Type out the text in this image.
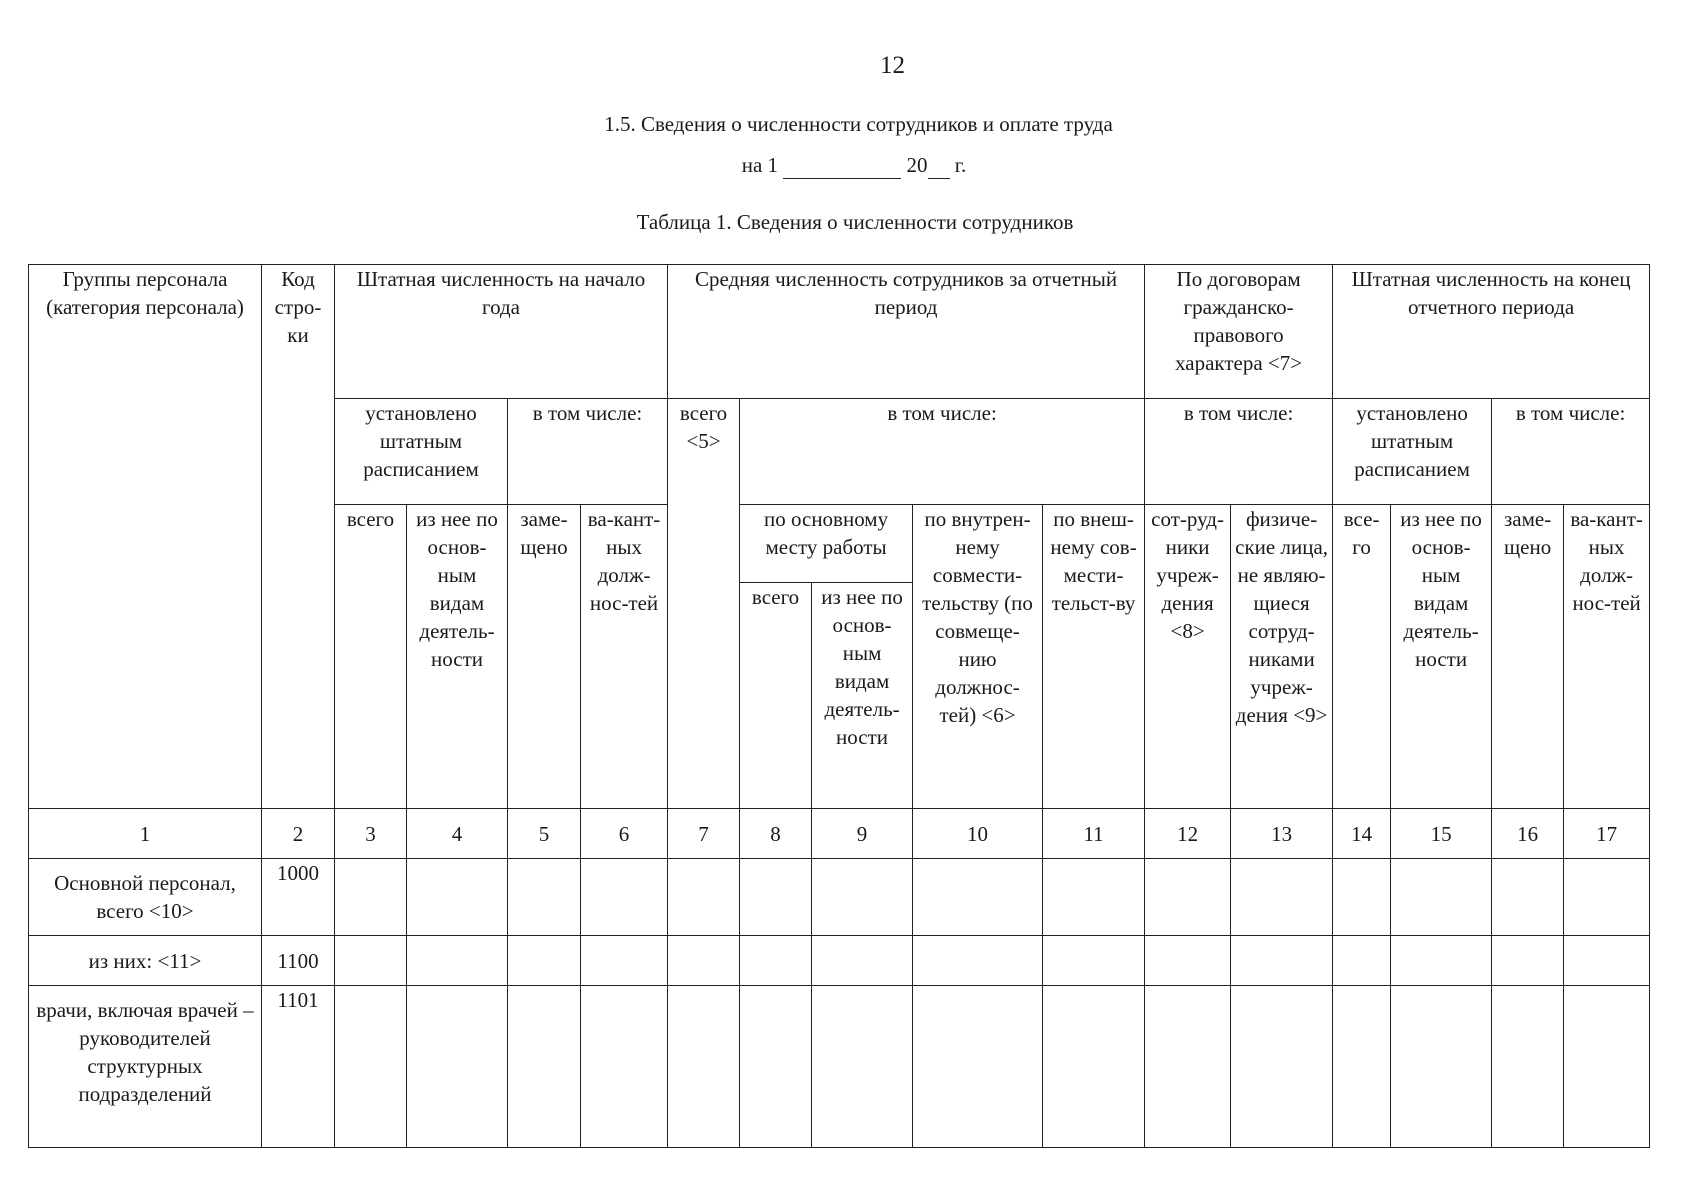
12
1.5. Сведения о численности сотрудников и оплате труда
на 1	20 г.
Таблица 1. Сведения о численности сотрудников
Группы персонала (категория персонала)	Код стро-ки	Штатная численность на начало года				Средняя численность сотрудников за отчетный период					По договорам гражданско-правового характера <7>		Штатная численность на конец отчетного периода			
		установлено штатным расписанием		в том числе:		всего <5>	в том числе:				в том числе:		установлено штатным расписанием		в том числе:	
		всего	из нее по основ-ным видам деятель-ности	заме-щено	ва-кант-ных долж-нос-тей		по основному месту работы		по внутрен-нему совмести-тельству (по совмеще-нию должнос-тей) <6>	по внеш-нему сов-мести-тельст-ву	сот-руд-ники учреж-дения <8>	физиче-ские лица, не являю-щиеся сотруд-никами учреж-дения <9>	все-го	из нее по основ-ным видам деятель-ности	заме-щено	ва-кант-ных долж-нос-тей
							всего	из нее по основ-ным видам деятель-ности								
1	2	3	4	5	6	7	8	9	10	11	12	13	14	15	16	17
Основной персонал, всего <10>	1000															
из них: <11>	1100															
врачи, включая врачей – руководителей структурных подразделений	1101															
